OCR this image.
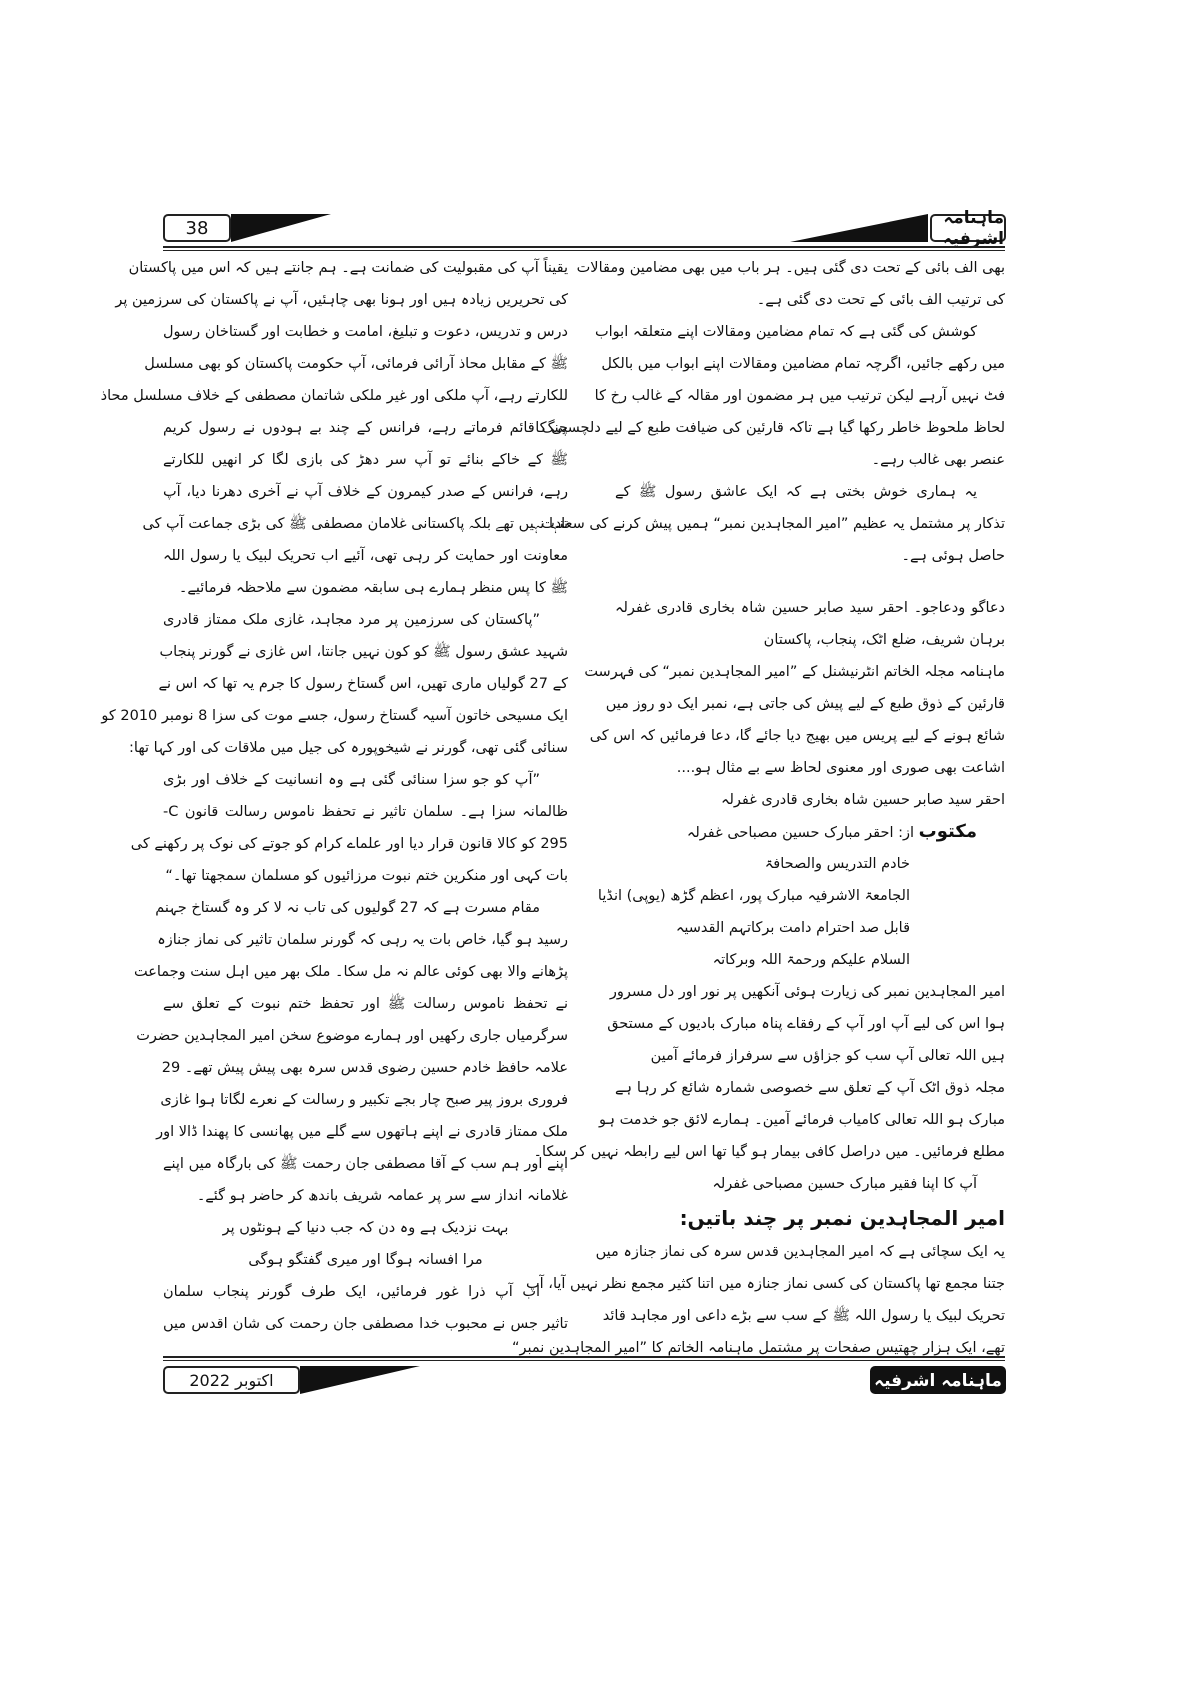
38	ماہنامہ اشرفیہ
بھی الف بائی کے تحت دی گئی ہیں۔ ہر باب میں بھی مضامین ومقالات
کی ترتیب الف بائی کے تحت دی گئی ہے۔
کوشش کی گئی ہے کہ تمام مضامین ومقالات اپنے متعلقہ ابواب
میں رکھے جائیں، اگرچہ تمام مضامین ومقالات اپنے ابواب میں بالکل
فٹ نہیں آرہے لیکن ترتیب میں ہر مضمون اور مقالہ کے غالب رخ کا
لحاظ ملحوظ خاطر رکھا گیا ہے تاکہ قارئین کی ضیافت طبع کے لیے دلچسپی کا
عنصر بھی غالب رہے۔
یہ ہماری خوش بختی ہے کہ ایک عاشق رسول ﷺ کے
تذکار پر مشتمل یہ عظیم ”امیر المجاہدین نمبر“ ہمیں پیش کرنے کی سعادت
حاصل ہوئی ہے۔
دعاگو ودعاجو۔ احقر سید صابر حسین شاہ بخاری قادری غفرلہ
برہان شریف، ضلع اٹک، پنجاب، پاکستان
ماہنامہ مجلہ الخاتم انٹرنیشنل کے ”امیر المجاہدین نمبر“ کی فہرست
قارئین کے ذوق طبع کے لیے پیش کی جاتی ہے، نمبر ایک دو روز میں
شائع ہونے کے لیے پریس میں بھیج دیا جائے گا، دعا فرمائیں کہ اس کی
اشاعت بھی صوری اور معنوی لحاظ سے بے مثال ہو....
احقر سید صابر حسین شاہ بخاری قادری غفرلہ
مکتوب از: احقر مبارک حسین مصباحی غفرلہ
خادم التدریس والصحافۃ
الجامعۃ الاشرفیہ مبارک پور، اعظم گڑھ (یوپی) انڈیا
قابل صد احترام دامت برکاتہم القدسیہ
السلام علیکم ورحمۃ اللہ وبرکاتہ
امیر المجاہدین نمبر کی زیارت ہوئی آنکھیں پر نور اور دل مسرور
ہوا اس کی لیے آپ اور آپ کے رفقاے پناہ مبارک بادیوں کے مستحق
ہیں اللہ تعالی آپ سب کو جزاؤں سے سرفراز فرمائے آمین
مجلہ ذوق اٹک آپ کے تعلق سے خصوصی شمارہ شائع کر رہا ہے
مبارک ہو اللہ تعالی کامیاب فرمائے آمین۔ ہمارے لائق جو خدمت ہو
مطلع فرمائیں۔ میں دراصل کافی بیمار ہو گیا تھا اس لیے رابطہ نہیں کر سکا۔
آپ کا اپنا فقیر مبارک حسین مصباحی غفرلہ
امیر المجاہدین نمبر پر چند باتیں:
یہ ایک سچائی ہے کہ امیر المجاہدین قدس سرہ کی نماز جنازہ میں
جتنا مجمع تھا پاکستان کی کسی نماز جنازہ میں اتنا کثیر مجمع نظر نہیں آیا، آپ
تحریک لبیک یا رسول اللہ ﷺ کے سب سے بڑے داعی اور مجاہد قائد
تھے، ایک ہزار چھتیس صفحات پر مشتمل ماہنامہ الخاتم کا ”امیر المجاہدین نمبر“
یقیناً آپ کی مقبولیت کی ضمانت ہے۔ ہم جانتے ہیں کہ اس میں پاکستان
کی تحریریں زیادہ ہیں اور ہونا بھی چاہئیں، آپ نے پاکستان کی سرزمین پر
درس و تدریس، دعوت و تبلیغ، امامت و خطابت اور گستاخان رسول
ﷺ کے مقابل محاذ آرائی فرمائی، آپ حکومت پاکستان کو بھی مسلسل
للکارتے رہے، آپ ملکی اور غیر ملکی شاتمان مصطفی کے خلاف مسلسل محاذ
جنگ قائم فرماتے رہے، فرانس کے چند بے ہودوں نے رسول کریم
ﷺ کے خاکے بنائے تو آپ سر دھڑ کی بازی لگا کر انھیں للکارتے
رہے، فرانس کے صدر کیمرون کے خلاف آپ نے آخری دھرنا دیا، آپ
تنہا نہیں تھے بلکہ پاکستانی غلامان مصطفی ﷺ کی بڑی جماعت آپ کی
معاونت اور حمایت کر رہی تھی، آئیے اب تحریک لبیک یا رسول اللہ
ﷺ کا پس منظر ہمارے ہی سابقہ مضمون سے ملاحظہ فرمائیے۔
”پاکستان کی سرزمین پر مرد مجاہد، غازی ملک ممتاز قادری
شہید عشق رسول ﷺ کو کون نہیں جانتا، اس غازی نے گورنر پنجاب
کے 27 گولیاں ماری تھیں، اس گستاخ رسول کا جرم یہ تھا کہ اس نے
ایک مسیحی خاتون آسیہ گستاخ رسول، جسے موت کی سزا 8 نومبر 2010 کو
سنائی گئی تھی، گورنر نے شیخوپورہ کی جیل میں ملاقات کی اور کہا تھا:
”آپ کو جو سزا سنائی گئی ہے وہ انسانیت کے خلاف اور بڑی
ظالمانہ سزا ہے۔ سلمان تاثیر نے تحفظ ناموس رسالت قانون C-
295 کو کالا قانون قرار دیا اور علماے کرام کو جوتے کی نوک پر رکھنے کی
بات کہی اور منکرین ختم نبوت مرزائیوں کو مسلمان سمجھتا تھا۔“
مقام مسرت ہے کہ 27 گولیوں کی تاب نہ لا کر وہ گستاخ جہنم
رسید ہو گیا، خاص بات یہ رہی کہ گورنر سلمان تاثیر کی نماز جنازہ
پڑھانے والا بھی کوئی عالم نہ مل سکا۔ ملک بھر میں اہل سنت وجماعت
نے تحفظ ناموس رسالت ﷺ اور تحفظ ختم نبوت کے تعلق سے
سرگرمیاں جاری رکھیں اور ہمارے موضوع سخن امیر المجاہدین حضرت
علامہ حافظ خادم حسین رضوی قدس سرہ بھی پیش پیش تھے۔ 29
فروری بروز پیر صبح چار بجے تکبیر و رسالت کے نعرے لگاتا ہوا غازی
ملک ممتاز قادری نے اپنے ہاتھوں سے گلے میں پھانسی کا پھندا ڈالا اور
اپنے اور ہم سب کے آقا مصطفی جان رحمت ﷺ کی بارگاہ میں اپنے
غلامانہ انداز سے سر پر عمامہ شریف باندھ کر حاضر ہو گئے۔
بہت نزدیک ہے وہ دن کہ جب دنیا کے ہونٹوں پر
مرا افسانہ ہوگا اور میری گفتگو ہوگی
اب آپ ذرا غور فرمائیں، ایک طرف گورنر پنجاب سلمان
تاثیر جس نے محبوب خدا مصطفی جان رحمت کی شان اقدس میں
اکتوبر 2022	ماہنامہ اشرفیہ
